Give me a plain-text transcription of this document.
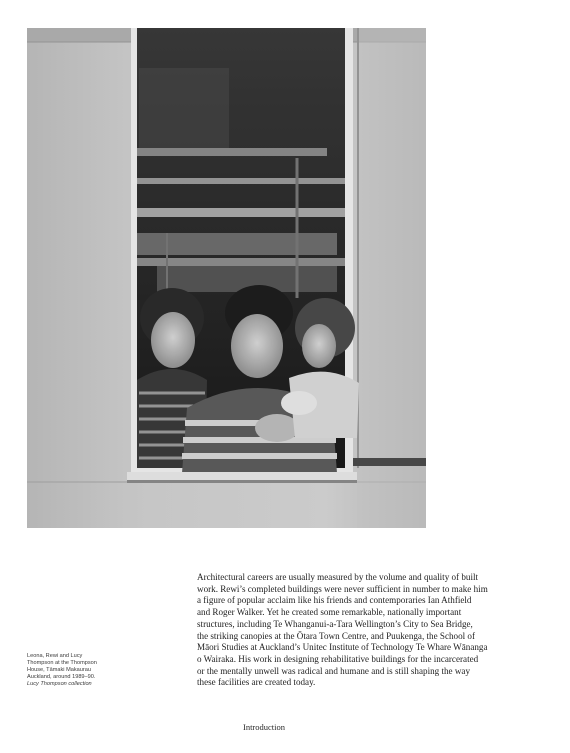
Leona, Rewi and Lucy
Thompson at the Thompson
House, Tāmaki Makaurau
Auckland, around 1989–90.
Lucy Thompson collection
Architectural careers are usually measured by the volume and quality of built
work. Rewi’s completed buildings were never sufficient in number to make him
a figure of popular acclaim like his friends and contemporaries Ian Athfield
and Roger Walker. Yet he created some remarkable, nationally important
structures, including Te Whanganui-a-Tara Wellington’s City to Sea Bridge,
the striking canopies at the Ōtara Town Centre, and Puukenga, the School of
Māori Studies at Auckland’s Unitec Institute of Technology Te Whare Wānanga
o Wairaka. His work in designing rehabilitative buildings for the incarcerated
or the mentally unwell was radical and humane and is still shaping the way
these facilities are created today.
Introduction
